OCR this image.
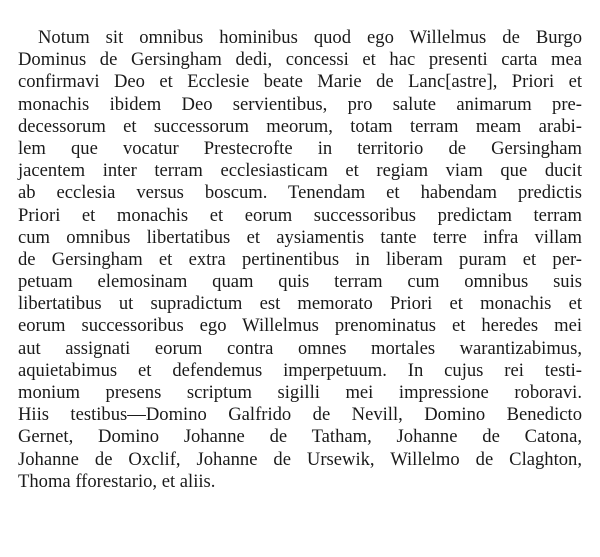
Notum sit omnibus hominibus quod ego Willelmus de Burgo
Dominus de Gersingham dedi, concessi et hac presenti carta mea
confirmavi Deo et Ecclesie beate Marie de Lanc[astre], Priori et
monachis ibidem Deo servientibus, pro salute animarum pre-
decessorum et successorum meorum, totam terram meam arabi-
lem que vocatur Prestecrofte in territorio de Gersingham
jacentem inter terram ecclesiasticam et regiam viam que ducit
ab ecclesia versus boscum. Tenendam et habendam predictis
Priori et monachis et eorum successoribus predictam terram
cum omnibus libertatibus et aysiamentis tante terre infra villam
de Gersingham et extra pertinentibus in liberam puram et per-
petuam elemosinam quam quis terram cum omnibus suis
libertatibus ut supradictum est memorato Priori et monachis et
eorum successoribus ego Willelmus prenominatus et heredes mei
aut assignati eorum contra omnes mortales warantizabimus,
aquietabimus et defendemus imperpetuum. In cujus rei testi-
monium presens scriptum sigilli mei impressione roboravi.
Hiis testibus—Domino Galfrido de Nevill, Domino Benedicto
Gernet, Domino Johanne de Tatham, Johanne de Catona,
Johanne de Oxclif, Johanne de Ursewik, Willelmo de Claghton,
Thoma fforestario, et aliis.
